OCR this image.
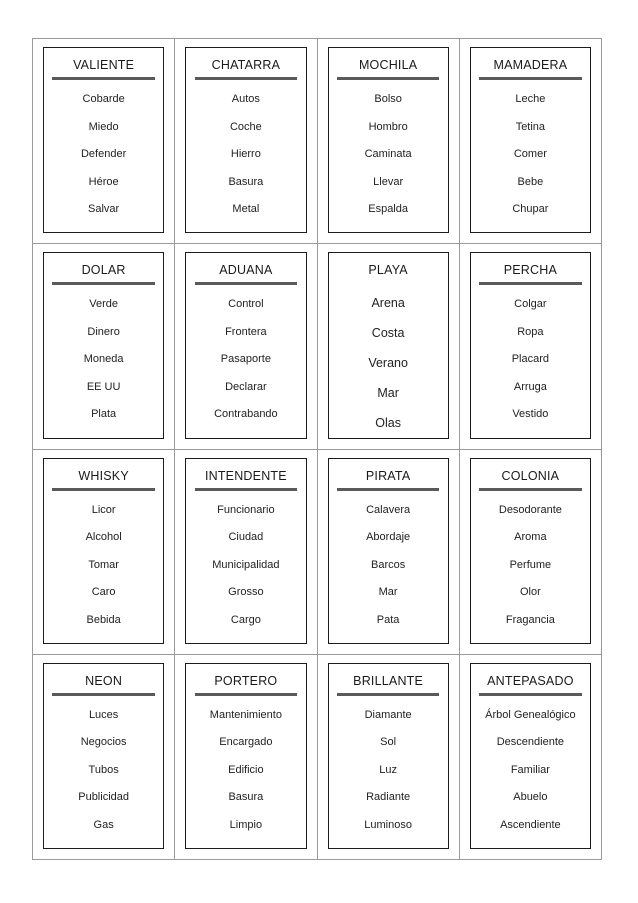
VALIENTE
Cobarde
Miedo
Defender
Héroe
Salvar
CHATARRA
Autos
Coche
Hierro
Basura
Metal
MOCHILA
Bolso
Hombro
Caminata
Llevar
Espalda
MAMADERA
Leche
Tetina
Comer
Bebe
Chupar
DOLAR
Verde
Dinero
Moneda
EE UU
Plata
ADUANA
Control
Frontera
Pasaporte
Declarar
Contrabando
PLAYA
Arena
Costa
Verano
Mar
Olas
PERCHA
Colgar
Ropa
Placard
Arruga
Vestido
WHISKY
Licor
Alcohol
Tomar
Caro
Bebida
INTENDENTE
Funcionario
Ciudad
Municipalidad
Grosso
Cargo
PIRATA
Calavera
Abordaje
Barcos
Mar
Pata
COLONIA
Desodorante
Aroma
Perfume
Olor
Fragancia
NEON
Luces
Negocios
Tubos
Publicidad
Gas
PORTERO
Mantenimiento
Encargado
Edificio
Basura
Limpio
BRILLANTE
Diamante
Sol
Luz
Radiante
Luminoso
ANTEPASADO
Árbol Genealógico
Descendiente
Familiar
Abuelo
Ascendiente
